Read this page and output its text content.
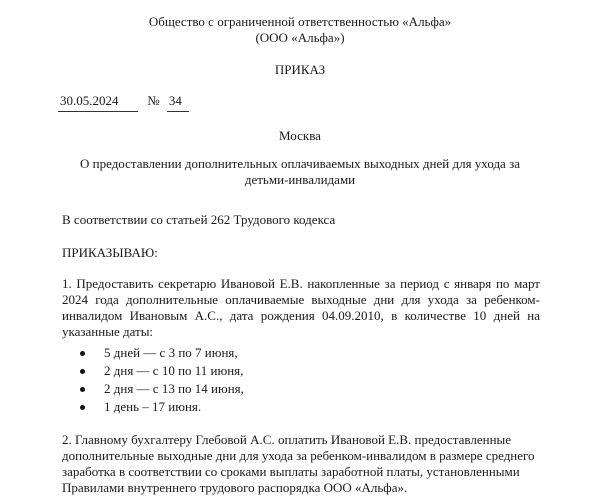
Общество с ограниченной ответственностью «Альфа»
(ООО «Альфа»)
ПРИКАЗ
30.05.2024 № 34
Москва
О предоставлении дополнительных оплачиваемых выходных дней для ухода за
детьми-инвалидами
В соответствии со статьей 262 Трудового кодекса
ПРИКАЗЫВАЮ:
1. Предоставить секретарю Ивановой Е.В. накопленные за период с января по март
2024 года дополнительные оплачиваемые выходные дни для ухода за ребенком-
инвалидом Ивановым А.С., дата рождения 04.09.2010, в количестве 10 дней на
указанные даты:
5 дней — с 3 по 7 июня,
2 дня — с 10 по 11 июня,
2 дня — с 13 по 14 июня,
1 день – 17 июня.
2. Главному бухгалтеру Глебовой А.С. оплатить Ивановой Е.В. предоставленные
дополнительные выходные дни для ухода за ребенком-инвалидом в размере среднего
заработка в соответствии со сроками выплаты заработной платы, установленными
Правилами внутреннего трудового распорядка ООО «Альфа».
